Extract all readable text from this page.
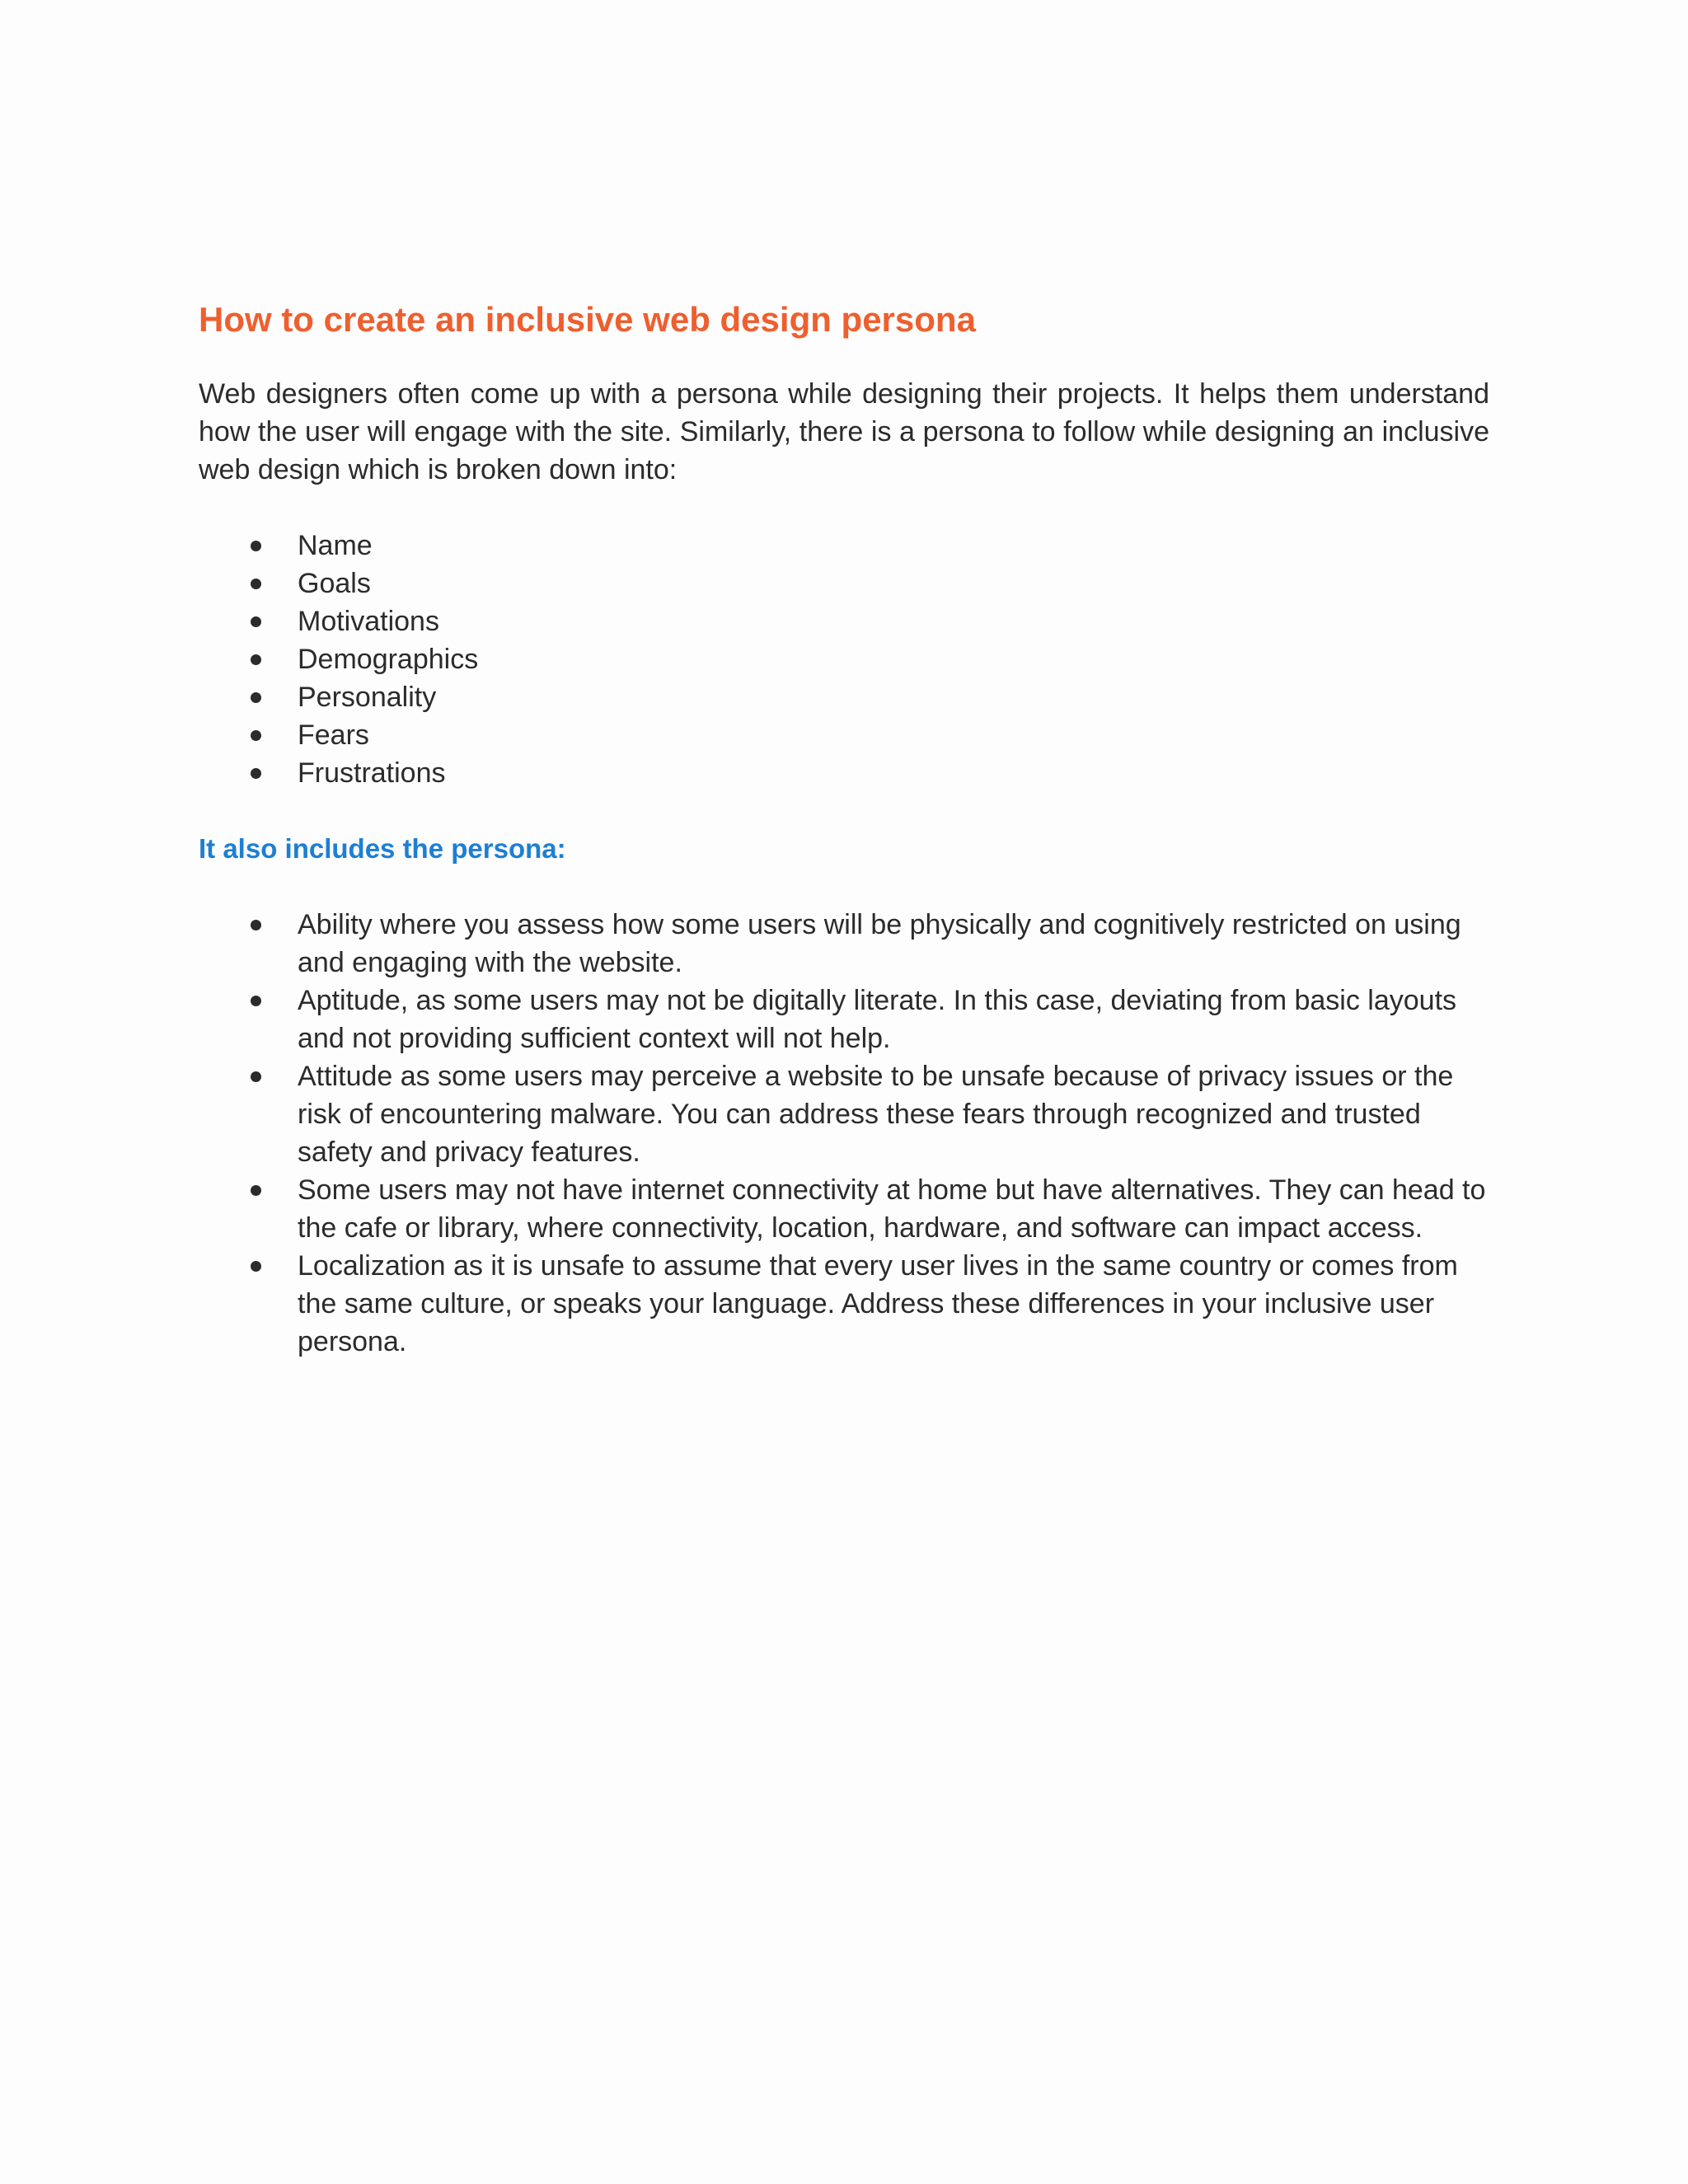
How to create an inclusive web design persona

Web designers often come up with a persona while designing their projects. It helps them understand how the user will engage with the site. Similarly, there is a persona to follow while designing an inclusive web design which is broken down into:

Name
Goals
Motivations
Demographics
Personality
Fears
Frustrations
It also includes the persona:
Ability where you assess how some users will be physically and cognitively restricted on using and engaging with the website.
Aptitude, as some users may not be digitally literate. In this case, deviating from basic layouts and not providing sufficient context will not help.
Attitude as some users may perceive a website to be unsafe because of privacy issues or the risk of encountering malware. You can address these fears through recognized and trusted safety and privacy features.
Some users may not have internet connectivity at home but have alternatives. They can head to the cafe or library, where connectivity, location, hardware, and software can impact access.
Localization as it is unsafe to assume that every user lives in the same country or comes from the same culture, or speaks your language. Address these differences in your inclusive user persona.
